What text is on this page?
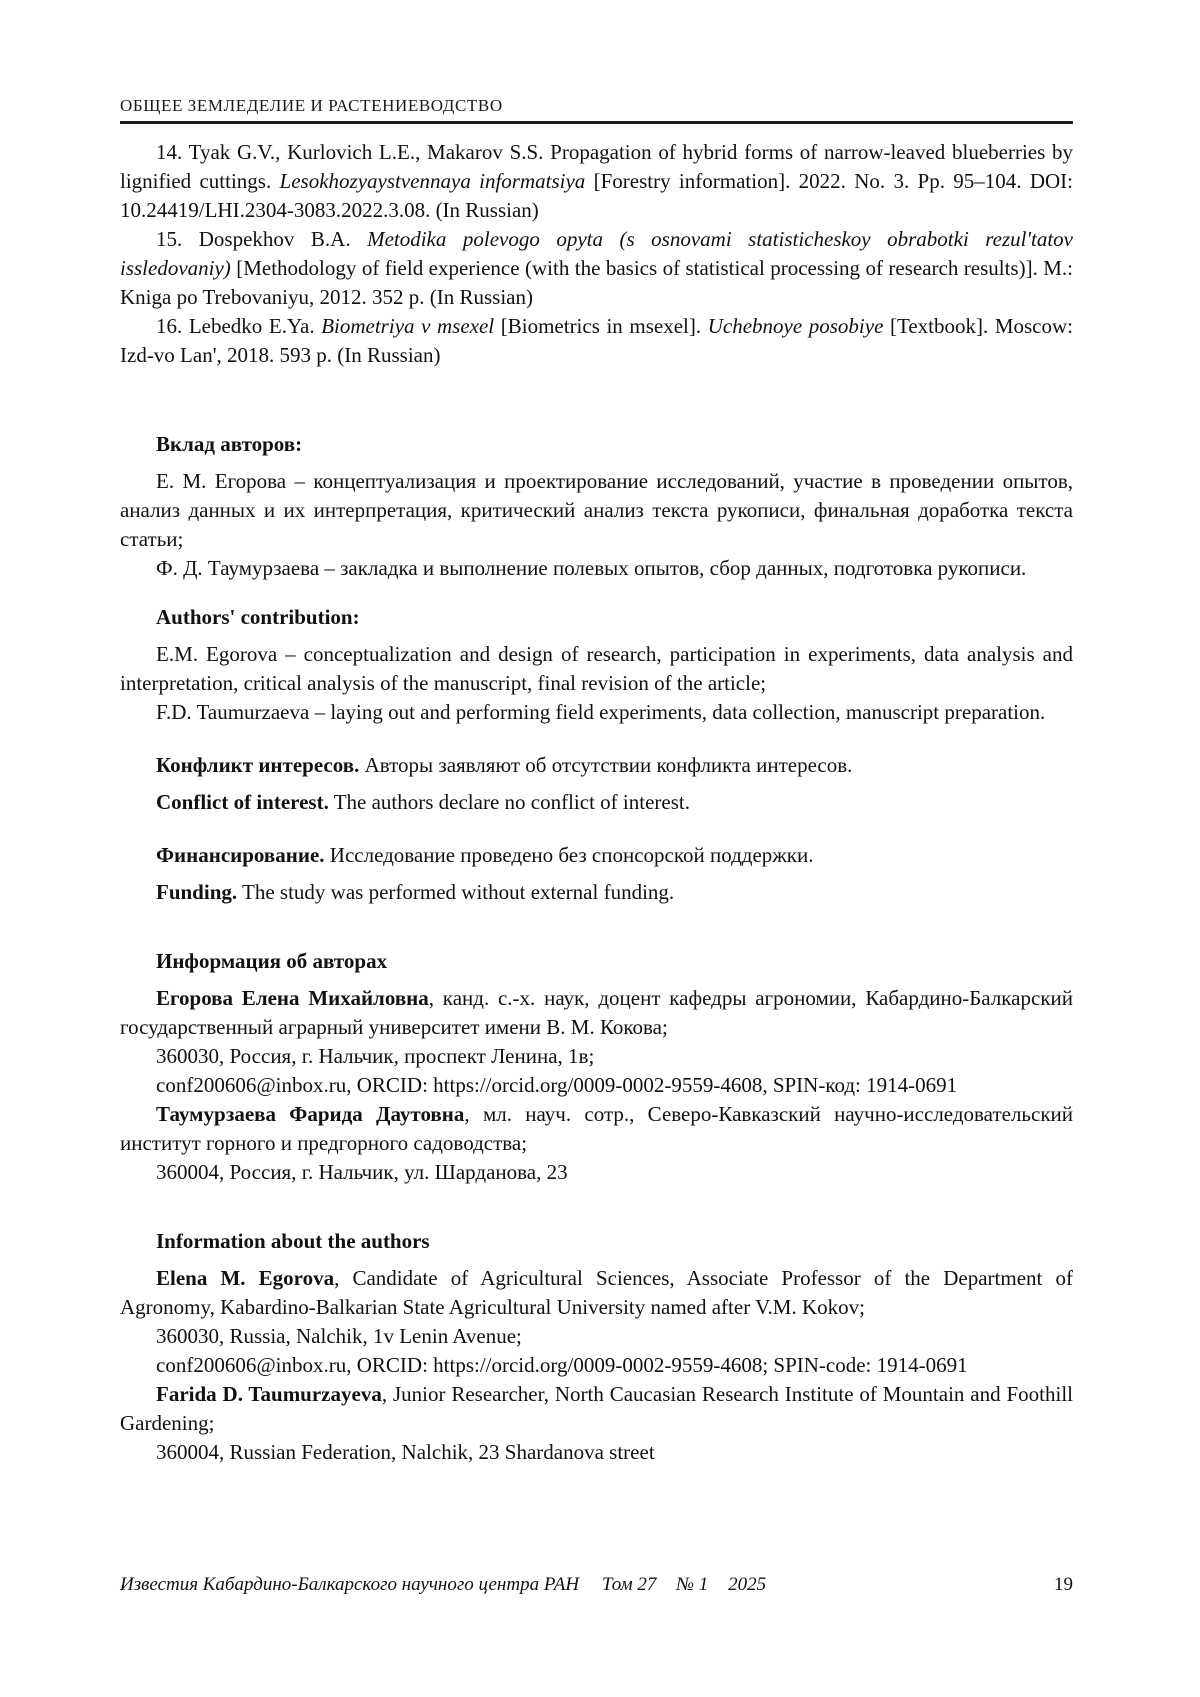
ОБЩЕЕ ЗЕМЛЕДЕЛИЕ И РАСТЕНИЕВОДСТВО

14. Tyak G.V., Kurlovich L.E., Makarov S.S. Propagation of hybrid forms of narrow-leaved blueberries by lignified cuttings. Lesokhozyaystvennaya informatsiya [Forestry information]. 2022. No. 3. Pp. 95–104. DOI: 10.24419/LHI.2304-3083.2022.3.08. (In Russian)

15. Dospekhov B.A. Metodika polevogo opyta (s osnovami statisticheskoy obrabotki rezul'tatov issledovaniy) [Methodology of field experience (with the basics of statistical processing of research results)]. M.: Kniga po Trebovaniyu, 2012. 352 p. (In Russian)

16. Lebedko E.Ya. Biometriya v msexel [Biometrics in msexel]. Uchebnoye posobiye [Textbook]. Moscow: Izd-vo Lan', 2018. 593 p. (In Russian)

Вклад авторов:

Е. М. Егорова – концептуализация и проектирование исследований, участие в проведении опытов, анализ данных и их интерпретация, критический анализ текста рукописи, финальная доработка текста статьи;

Ф. Д. Таумурзаева – закладка и выполнение полевых опытов, сбор данных, подготовка рукописи.

Authors' contribution:

E.M. Egorova – conceptualization and design of research, participation in experiments, data analysis and interpretation, critical analysis of the manuscript, final revision of the article;

F.D. Taumurzaeva – laying out and performing field experiments, data collection, manuscript preparation.

Конфликт интересов. Авторы заявляют об отсутствии конфликта интересов.

Conflict of interest. The authors declare no conflict of interest.

Финансирование. Исследование проведено без спонсорской поддержки.

Funding. The study was performed without external funding.

Информация об авторах

Егорова Елена Михайловна, канд. с.-х. наук, доцент кафедры агрономии, Кабардино-Балкарский государственный аграрный университет имени В. М. Кокова;

360030, Россия, г. Нальчик, проспект Ленина, 1в;

conf200606@inbox.ru, ORCID: https://orcid.org/0009-0002-9559-4608, SPIN-код: 1914-0691

Таумурзаева Фарида Даутовна, мл. науч. сотр., Северо-Кавказский научно-исследовательский институт горного и предгорного садоводства;

360004, Россия, г. Нальчик, ул. Шарданова, 23

Information about the authors

Elena M. Egorova, Candidate of Agricultural Sciences, Associate Professor of the Department of Agronomy, Kabardino-Balkarian State Agricultural University named after V.M. Kokov;

360030, Russia, Nalchik, 1v Lenin Avenue;

conf200606@inbox.ru, ORCID: https://orcid.org/0009-0002-9559-4608; SPIN-code: 1914-0691

Farida D. Taumurzayeva, Junior Researcher, North Caucasian Research Institute of Mountain and Foothill Gardening;

360004, Russian Federation, Nalchik, 23 Shardanova street

Известия Кабардино-Балкарского научного центра РАН Том 27 № 1 2025	19
